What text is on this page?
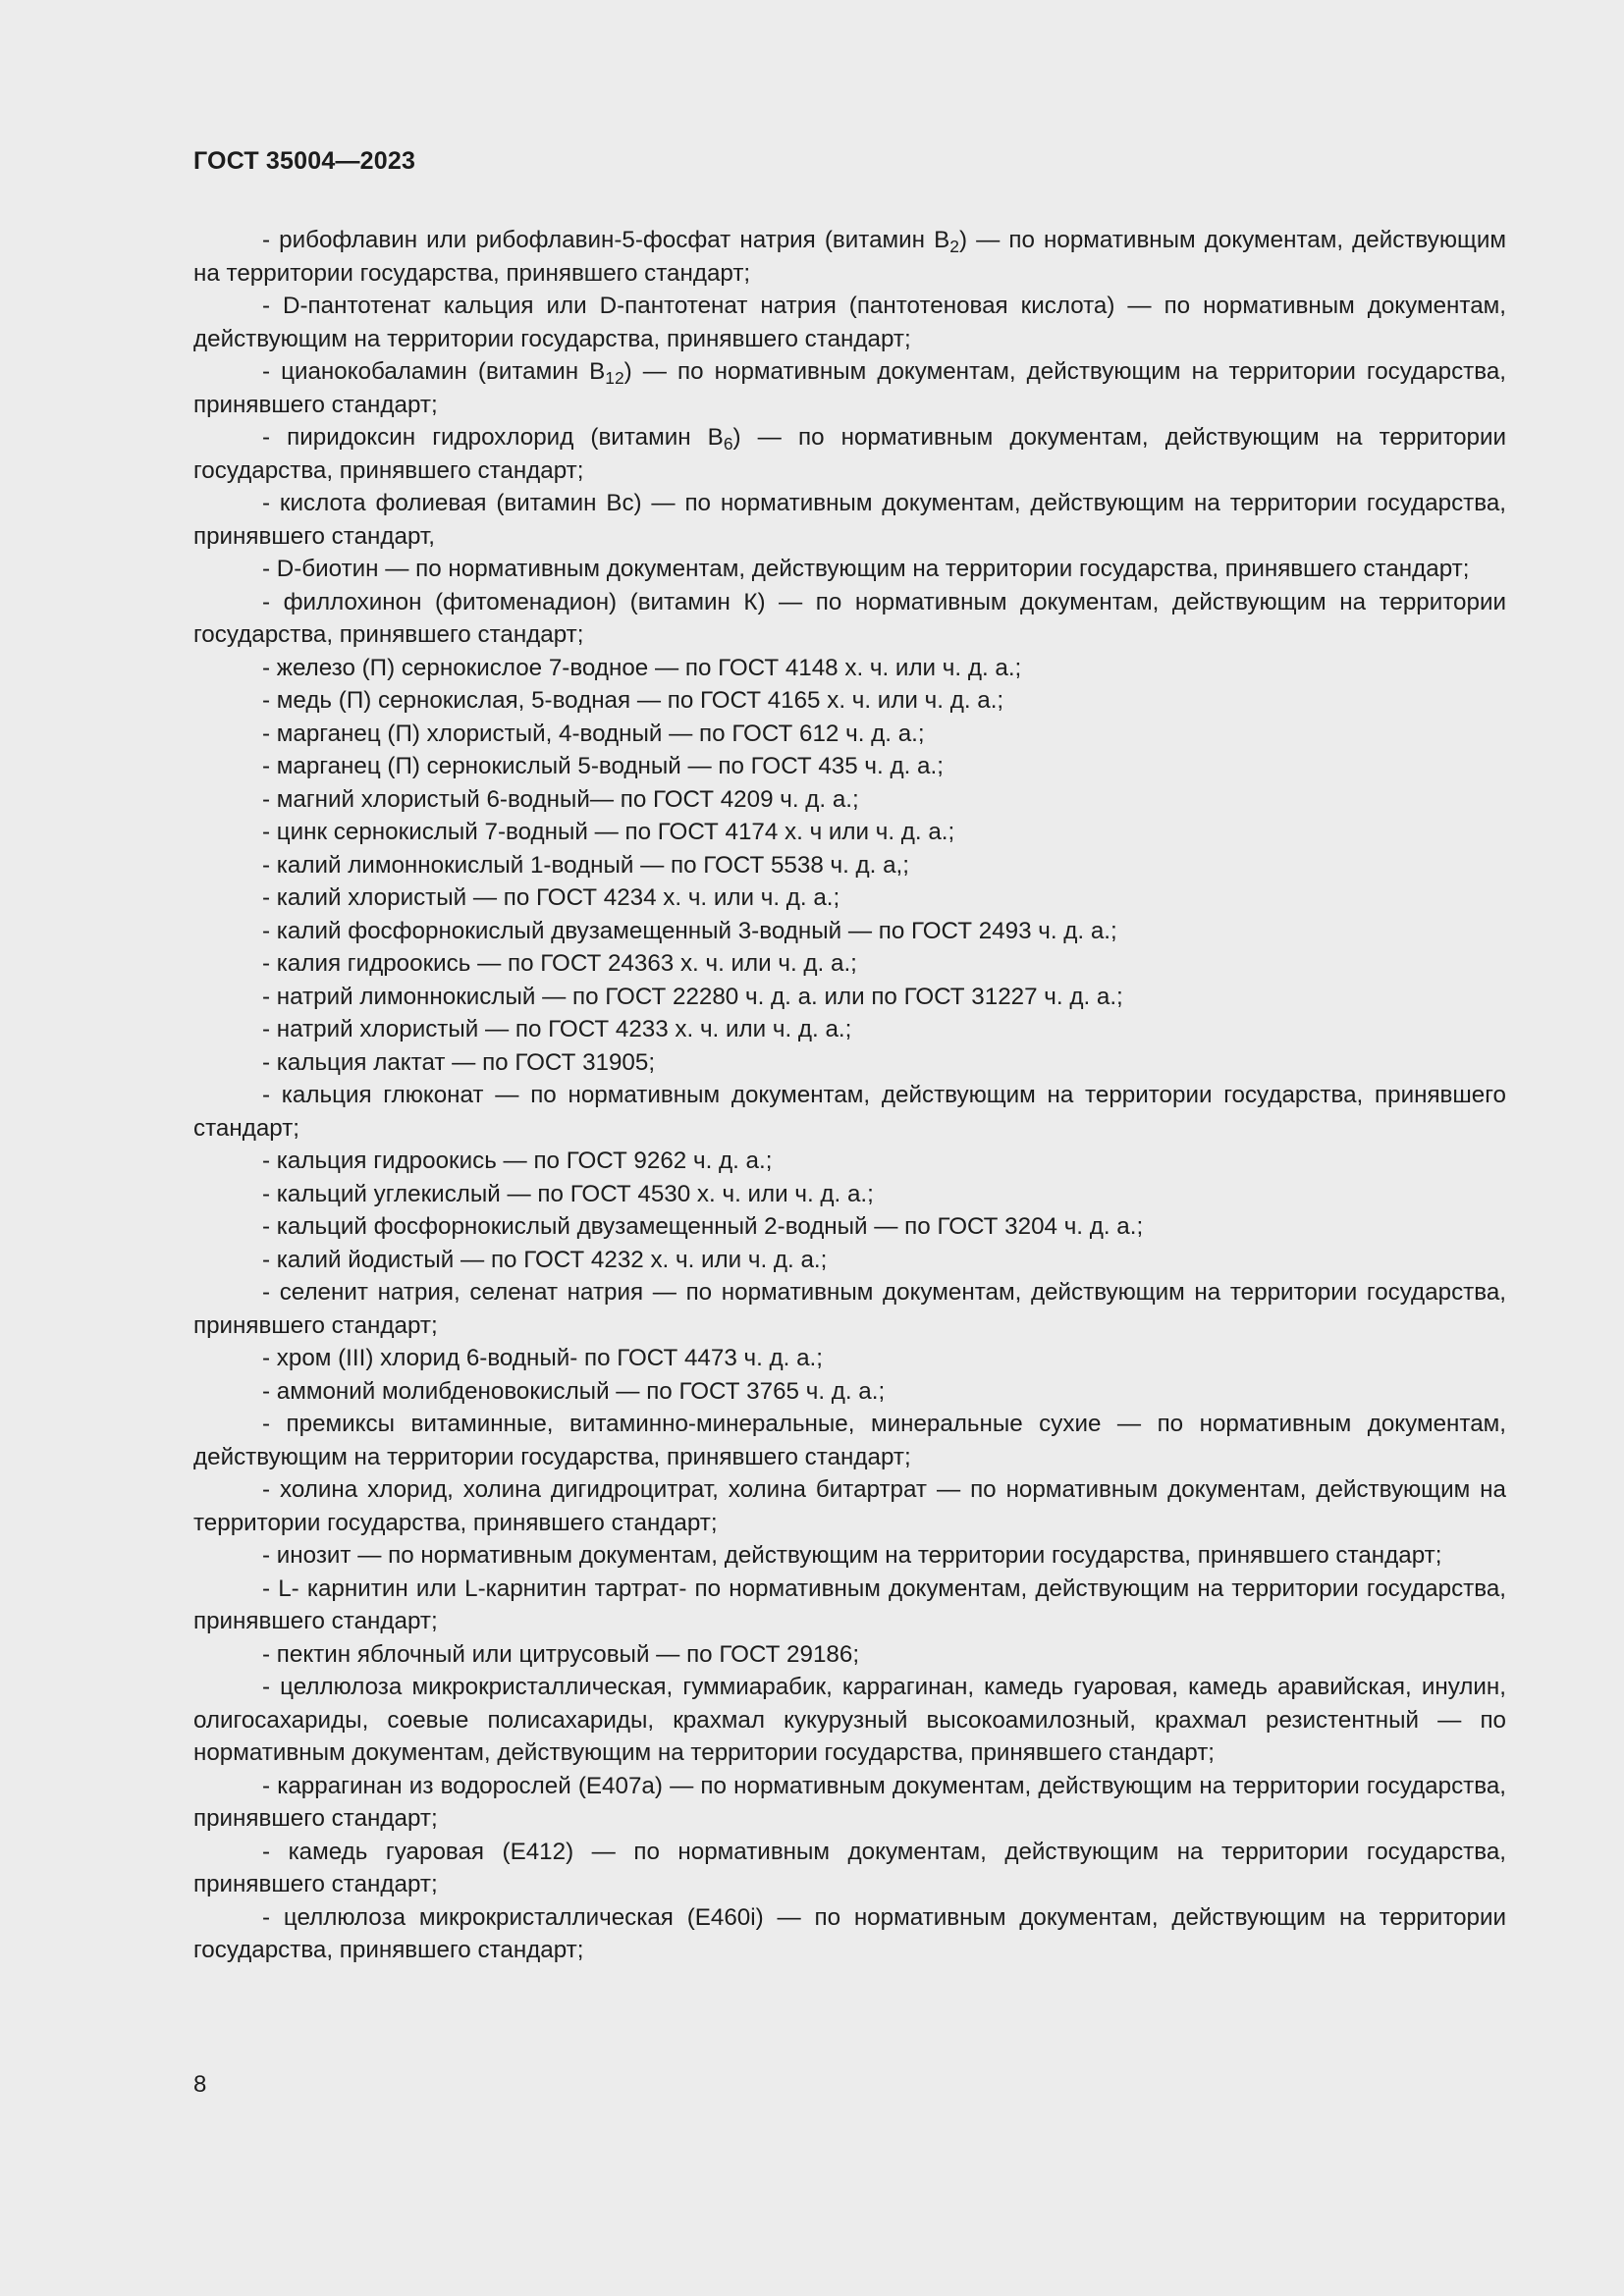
ГОСТ 35004—2023

- рибофлавин или рибофлавин-5-фосфат натрия (витамин $В_2$) — по нормативным документам, действующим на территории государства, принявшего стандарт;

- D-пантотенат кальция или D-пантотенат натрия (пантотеновая кислота) — по нормативным документам, действующим на территории государства, принявшего стандарт;

- цианокобаламин (витамин $В_{12}$) — по нормативным документам, действующим на территории государства, принявшего стандарт;

- пиридоксин гидрохлорид (витамин $В_6$) — по нормативным документам, действующим на территории государства, принявшего стандарт;

- кислота фолиевая (витамин Вс) — по нормативным документам, действующим на территории государства, принявшего стандарт,

- D-биотин — по нормативным документам, действующим на территории государства, принявшего стандарт;

- филлохинон (фитоменадион) (витамин К) — по нормативным документам, действующим на территории государства, принявшего стандарт;

- железо (П) сернокислое 7-водное — по ГОСТ 4148 х. ч. или ч. д. а.;

- медь (П) сернокислая, 5-водная — по ГОСТ 4165 х. ч. или ч. д. а.;

- марганец (П) хлористый, 4-водный — по ГОСТ 612 ч. д. а.;

- марганец (П) сернокислый 5-водный — по ГОСТ 435 ч. д. а.;

- магний хлористый 6-водный— по ГОСТ 4209 ч. д. а.;

- цинк сернокислый 7-водный — по ГОСТ 4174 х. ч или ч. д. а.;

- калий лимоннокислый 1-водный — по ГОСТ 5538 ч. д. а,;

- калий хлористый — по ГОСТ 4234 х. ч. или ч. д. а.;

- калий фосфорнокислый двузамещенный 3-водный — по ГОСТ 2493 ч. д. а.;

- калия гидроокись — по ГОСТ 24363 х. ч. или ч. д. а.;

- натрий лимоннокислый — по ГОСТ 22280 ч. д. а. или по ГОСТ 31227 ч. д. а.;

- натрий хлористый — по ГОСТ 4233 х. ч. или ч. д. а.;

- кальция лактат — по ГОСТ 31905;

- кальция глюконат — по нормативным документам, действующим на территории государства, принявшего стандарт;

- кальция гидроокись — по ГОСТ 9262 ч. д. а.;

- кальций углекислый — по ГОСТ 4530 х. ч. или ч. д. а.;

- кальций фосфорнокислый двузамещенный 2-водный — по ГОСТ 3204 ч. д. а.;

- калий йодистый — по ГОСТ 4232 х. ч. или ч. д. а.;

- селенит натрия, селенат натрия — по нормативным документам, действующим на территории государства, принявшего стандарт;

- хром (III) хлорид 6-водный- по ГОСТ 4473 ч. д. а.;

- аммоний молибденовокислый — по ГОСТ 3765 ч. д. а.;

- премиксы витаминные, витаминно-минеральные, минеральные сухие — по нормативным документам, действующим на территории государства, принявшего стандарт;

- холина хлорид, холина дигидроцитрат, холина битартрат — по нормативным документам, действующим на территории государства, принявшего стандарт;

- инозит — по нормативным документам, действующим на территории государства, принявшего стандарт;

- L- карнитин или L-карнитин тартрат- по нормативным документам, действующим на территории государства, принявшего стандарт;

- пектин яблочный или цитрусовый — по ГОСТ 29186;

- целлюлоза микрокристаллическая, гуммиарабик, каррагинан, камедь гуаровая, камедь аравийская, инулин, олигосахариды, соевые полисахариды, крахмал кукурузный высокоамилозный, крахмал резистентный — по нормативным документам, действующим на территории государства, принявшего стандарт;

- каррагинан из водорослей (Е407а) — по нормативным документам, действующим на территории государства, принявшего стандарт;

- камедь гуаровая (Е412) — по нормативным документам, действующим на территории государства, принявшего стандарт;

- целлюлоза микрокристаллическая (Е460i) — по нормативным документам, действующим на территории государства, принявшего стандарт;

8
